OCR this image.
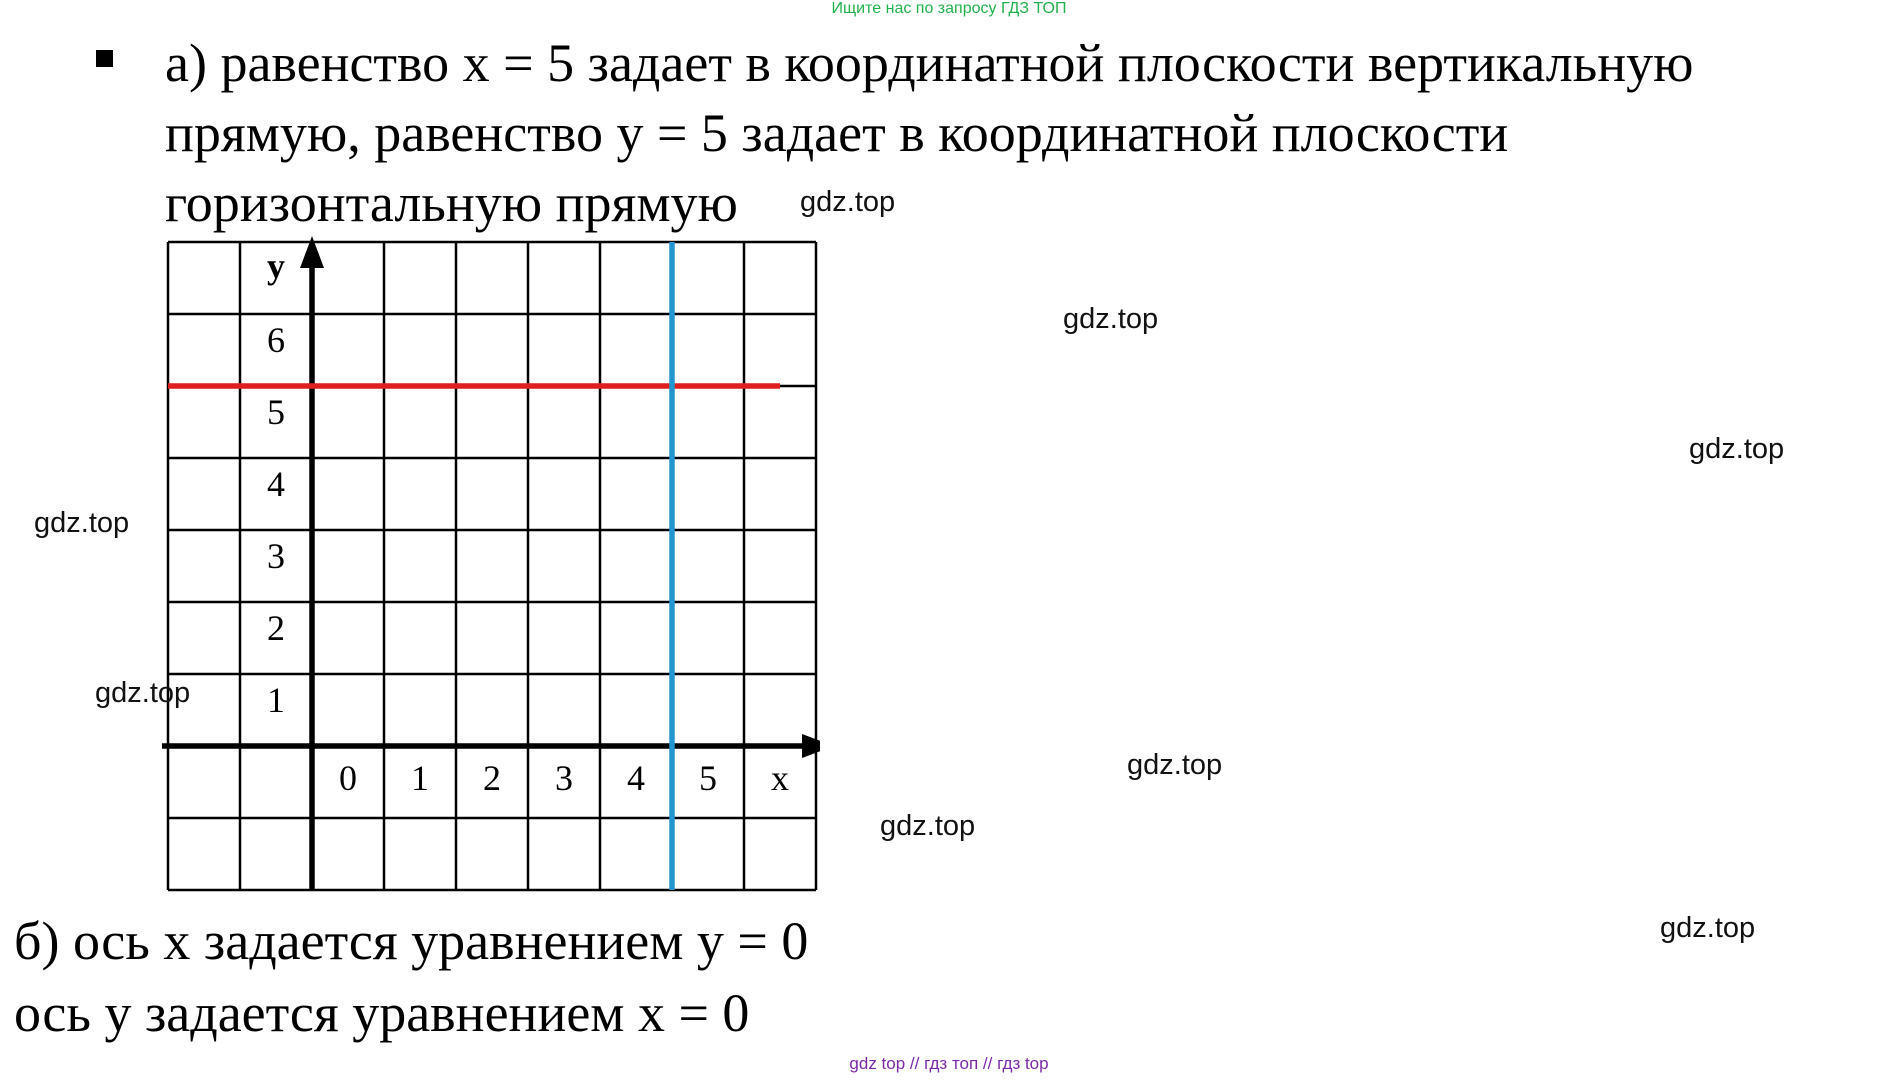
Ищите нас по запросу ГДЗ ТОП
а) равенство x = 5 задает в координатной плоскости вертикальную
прямую, равенство y = 5 задает в координатной плоскости
горизонтальную прямую
0 1 2 3 4 5
1
2
3
4
5
6
x
y
б) ось x задается уравнением y = 0
ось y задается уравнением x = 0
gdz.top
gdz.top
gdz.top
gdz.top
gdz.top
gdz.top
gdz.top
gdz.top
gdz top // гдз топ // гдз top
